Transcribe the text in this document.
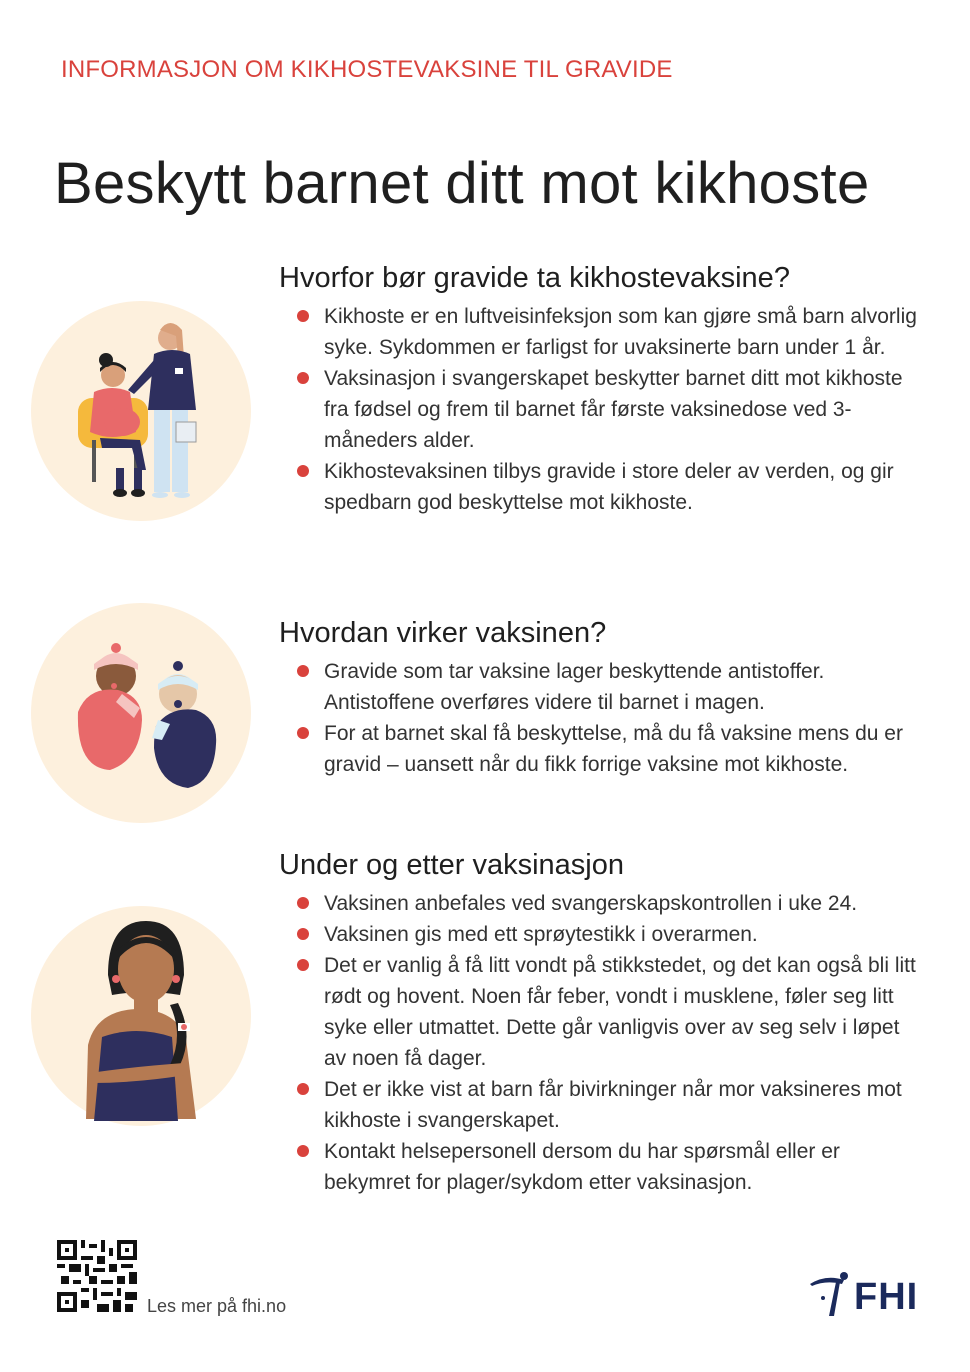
INFORMASJON OM KIKHOSTEVAKSINE TIL GRAVIDE
Beskytt barnet ditt mot kikhoste
Hvorfor bør gravide ta kikhostevaksine?
Kikhoste er en luftveisinfeksjon som kan gjøre små barn alvorlig syke. Sykdommen er farligst for uvaksinerte barn under 1 år.
Vaksinasjon i svangerskapet beskytter barnet ditt mot kikhoste fra fødsel og frem til barnet får første vaksinedose ved 3-måneders alder.
Kikhostevaksinen tilbys gravide i store deler av verden, og gir spedbarn god beskyttelse mot kikhoste.
Hvordan virker vaksinen?
Gravide som tar vaksine lager beskyttende antistoffer. Antistoffene overføres videre til barnet i magen.
For at barnet skal få beskyttelse, må du få vaksine mens du er gravid – uansett når du fikk forrige vaksine mot kikhoste.
Under og etter vaksinasjon
Vaksinen anbefales ved svangerskapskontrollen i uke 24.
Vaksinen gis med ett sprøytestikk i overarmen.
Det er vanlig å få litt vondt på stikkstedet, og det kan også bli litt rødt og hovent. Noen får feber, vondt i musklene, føler seg litt syke eller utmattet. Dette går vanligvis over av seg selv i løpet av noen få dager.
Det er ikke vist at barn får bivirkninger når mor vaksineres mot kikhoste i svangerskapet.
Kontakt helsepersonell dersom du har spørsmål eller er bekymret for plager/sykdom etter vaksinasjon.
Les mer på fhi.no	FHI
